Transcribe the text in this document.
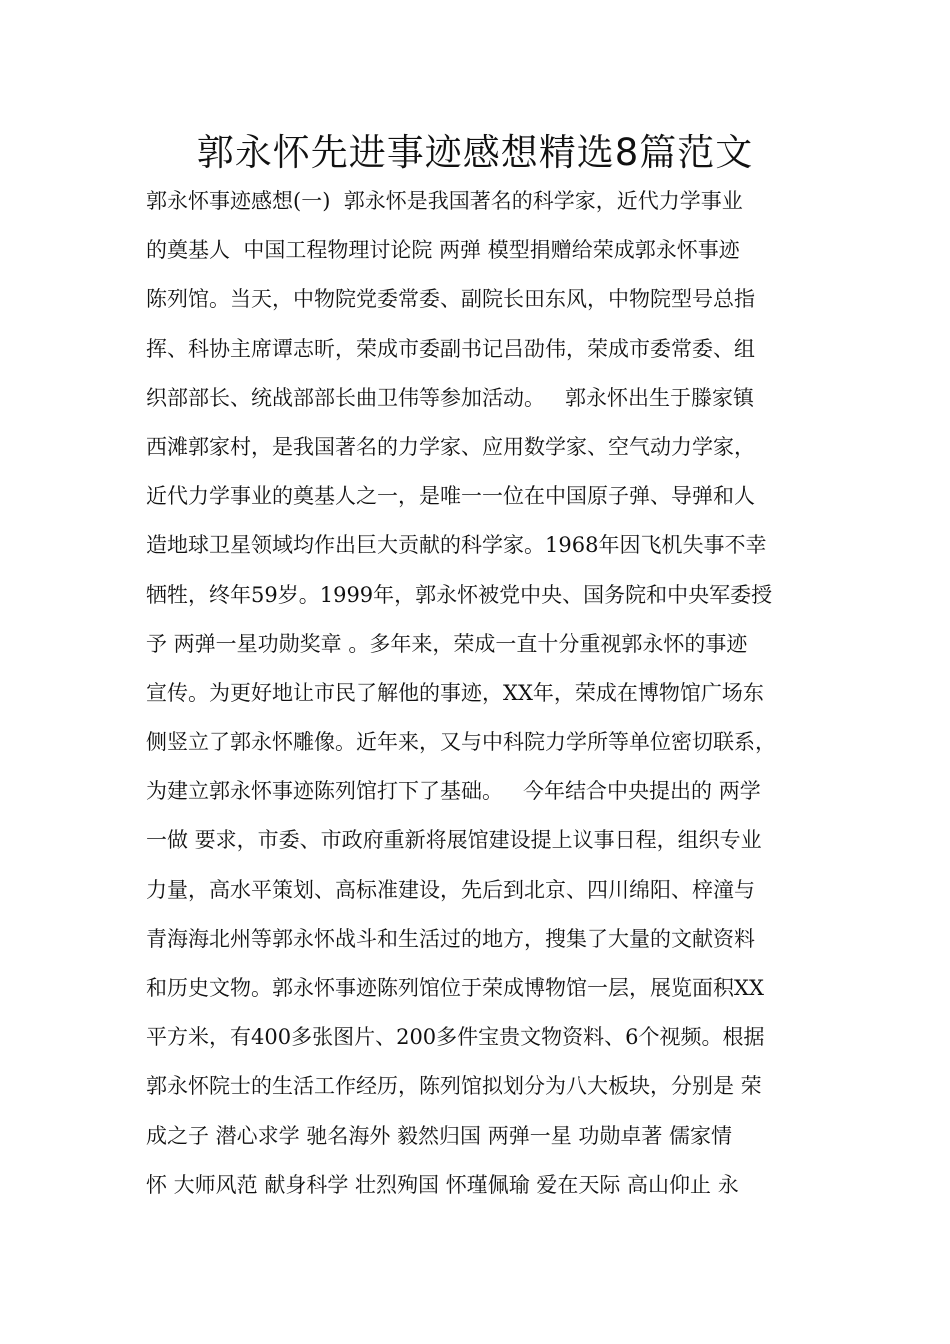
郭永怀先进事迹感想精选8篇范文
郭永怀事迹感想(一)  郭永怀是我国著名的科学家，近代力学事业
的奠基人  中国工程物理讨论院 两弹 模型捐赠给荣成郭永怀事迹
陈列馆。当天，中物院党委常委、副院长田东风，中物院型号总指
挥、科协主席谭志昕，荣成市委副书记吕劭伟，荣成市委常委、组
织部部长、统战部部长曲卫伟等参加活动。   郭永怀出生于滕家镇
西滩郭家村，是我国著名的力学家、应用数学家、空气动力学家，
近代力学事业的奠基人之一，是唯一一位在中国原子弹、导弹和人
造地球卫星领域均作出巨大贡献的科学家。1968年因飞机失事不幸
牺牲，终年59岁。1999年，郭永怀被党中央、国务院和中央军委授
予 两弹一星功勋奖章 。多年来，荣成一直十分重视郭永怀的事迹
宣传。为更好地让市民了解他的事迹，XX年，荣成在博物馆广场东
侧竖立了郭永怀雕像。近年来，又与中科院力学所等单位密切联系，
为建立郭永怀事迹陈列馆打下了基础。   今年结合中央提出的 两学
一做 要求，市委、市政府重新将展馆建设提上议事日程，组织专业
力量，高水平策划、高标准建设，先后到北京、四川绵阳、梓潼与
青海海北州等郭永怀战斗和生活过的地方，搜集了大量的文献资料
和历史文物。郭永怀事迹陈列馆位于荣成博物馆一层，展览面积XX
平方米，有400多张图片、200多件宝贵文物资料、6个视频。根据
郭永怀院士的生活工作经历，陈列馆拟划分为八大板块，分别是 荣
成之子 潜心求学 驰名海外 毅然归国 两弹一星 功勋卓著 儒家情
怀 大师风范 献身科学 壮烈殉国 怀瑾佩瑜 爱在天际 高山仰止 永
